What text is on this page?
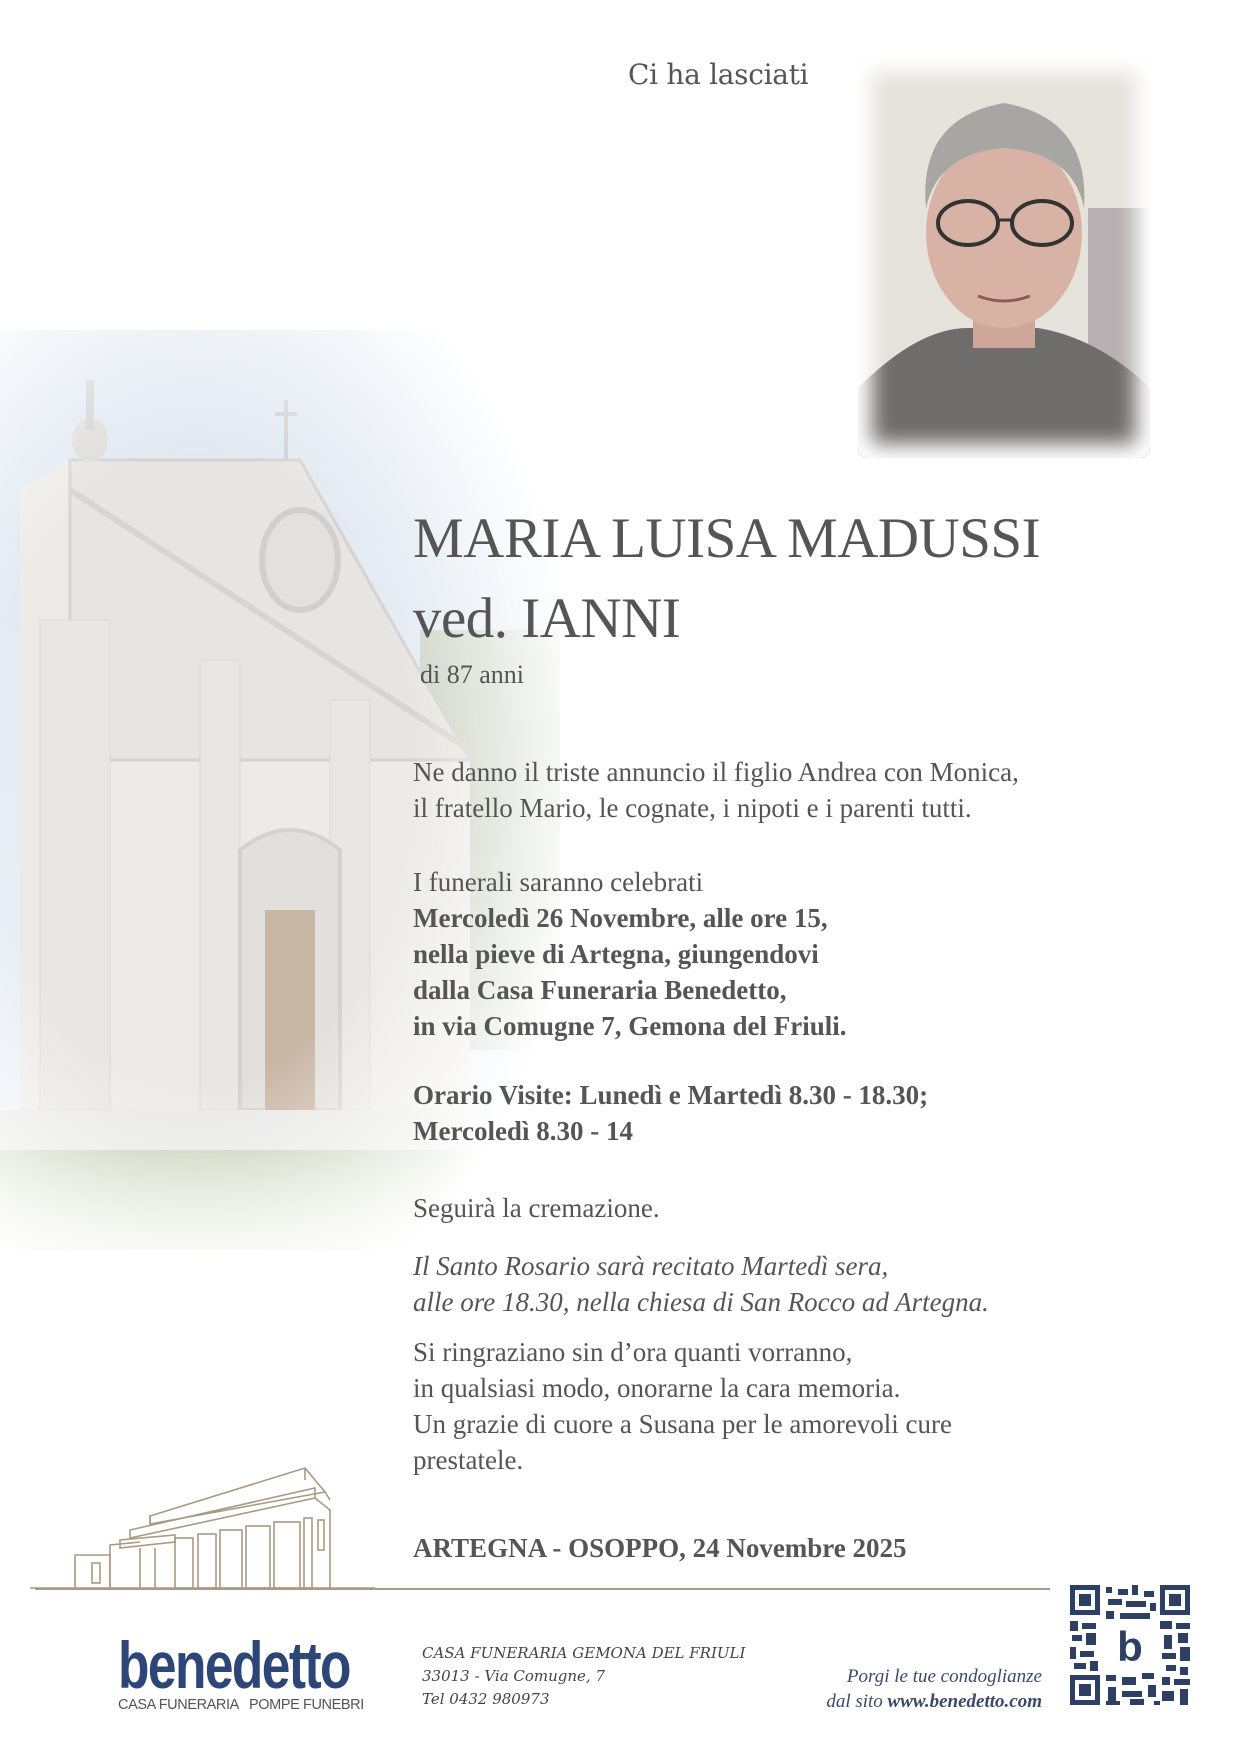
Ci ha lasciati
MARIA LUISA MADUSSI
ved. IANNI
di 87 anni
Ne danno il triste annuncio il figlio Andrea con Monica,
il fratello Mario, le cognate, i nipoti e i parenti tutti.
I funerali saranno celebrati
Mercoledì 26 Novembre, alle ore 15,
nella pieve di Artegna, giungendovi
dalla Casa Funeraria Benedetto,
in via Comugne 7, Gemona del Friuli.
Orario Visite: Lunedì e Martedì 8.30 - 18.30;
Mercoledì 8.30 - 14
Seguirà la cremazione.
Il Santo Rosario sarà recitato Martedì sera,
alle ore 18.30, nella chiesa di San Rocco ad Artegna.
Si ringraziano sin d’ora quanti vorranno,
in qualsiasi modo, onorarne la cara memoria.
Un grazie di cuore a Susana per le amorevoli cure
prestatele.
ARTEGNA - OSOPPO, 24 Novembre 2025
benedetto
CASA FUNERARIA   POMPE FUNEBRI
CASA FUNERARIA GEMONA DEL FRIULI
33013 - Via Comugne, 7
Tel 0432 980973
Porgi le tue condoglianze
dal sito www.benedetto.com
b
